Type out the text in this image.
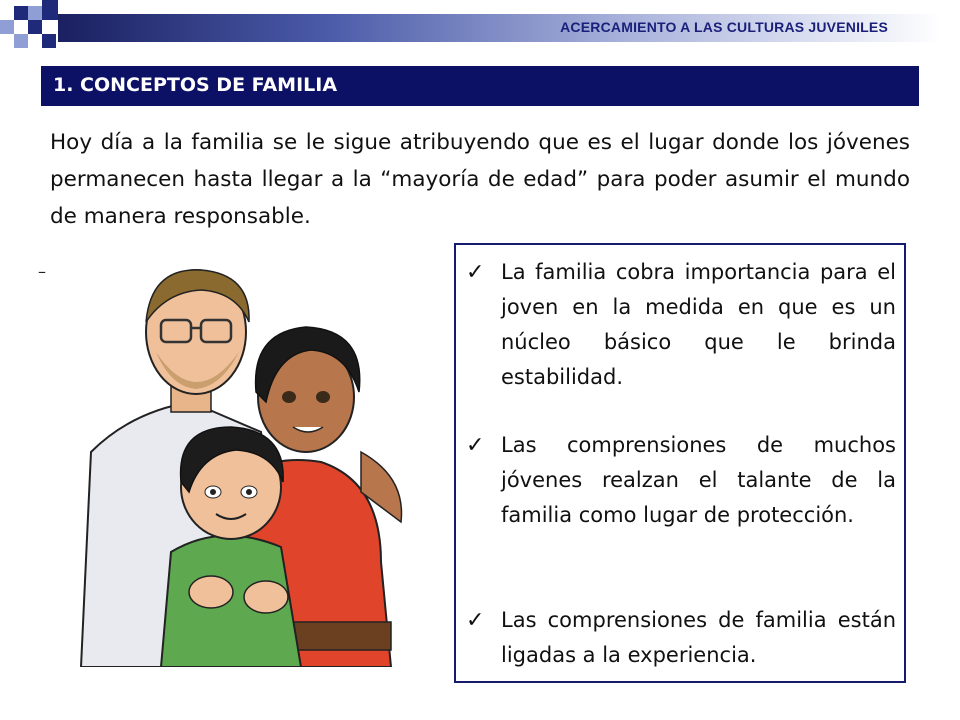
ACERCAMIENTO A LAS CULTURAS JUVENILES
1. CONCEPTOS DE FAMILIA
Hoy día a la familia se le sigue atribuyendo que es el lugar donde los jóvenes permanecen hasta llegar a la “mayoría de edad” para poder asumir el mundo de manera responsable.
–	✓ La familia cobra importancia para el joven en la medida en que es un núcleo básico que le brinda estabilidad.
✓ Las comprensiones de muchos jóvenes realzan el talante de la familia como lugar de protección.
✓ Las comprensiones de familia están ligadas a la experiencia.
